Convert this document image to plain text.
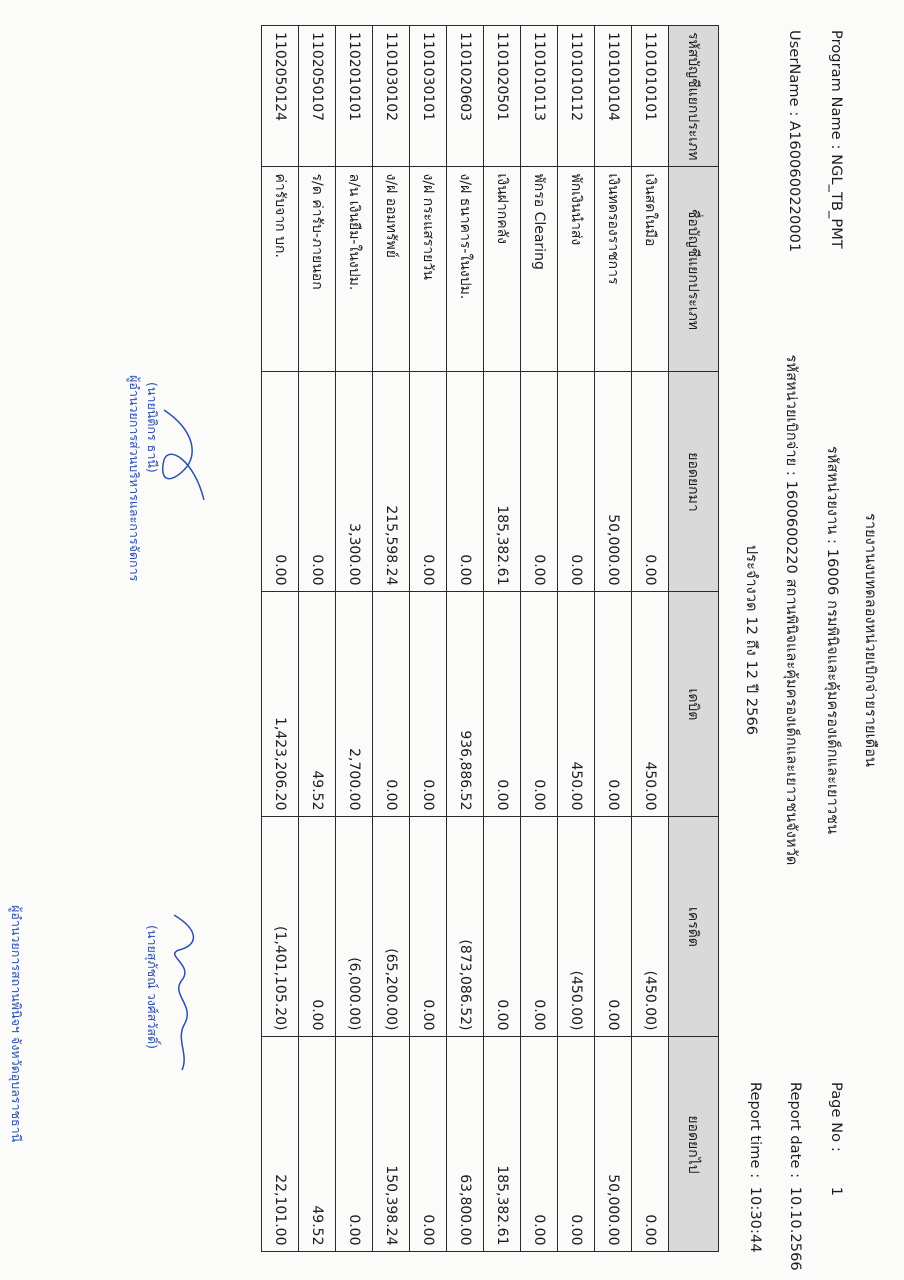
รายงานงบทดลองหน่วยเบิกจ่ายรายเดือน
Program Name : NGL_TB_PMT
UserName : A1600600220001
รหัสหน่วยงาน : 16006 กรมพินิจและคุ้มครองเด็กและเยาวชน
รหัสหน่วยเบิกจ่าย : 1600600220 สถานพินิจและคุ้มครองเด็กและเยาวชนจังหวัด
ประจำงวด 12 ถึง 12 ปี 2566
Page No : 1
Report date : 10.10.2566
Report time : 10:30:44
รหัสบัญชีแยกประเภท	ชื่อบัญชีแยกประเภท	ยอดยกมา	เดบิต	เครดิต	ยอดยกไป
1101010101	เงินสดในมือ	0.00	450.00	(450.00)	0.00
1101010104	เงินทดรองราชการ	50,000.00	0.00	0.00	50,000.00
1101010112	พักเงินนำส่ง	0.00	450.00	(450.00)	0.00
1101010113	พักรอ Clearing	0.00	0.00	0.00	0.00
1101020501	เงินฝากคลัง	185,382.61	0.00	0.00	185,382.61
1101020603	ง/ฝ ธนาคาร-ในงปม.	0.00	936,886.52	(873,086.52)	63,800.00
1101030101	ง/ฝ กระแสรายวัน	0.00	0.00	0.00	0.00
1101030102	ง/ฝ ออมทรัพย์	215,598.24	0.00	(65,200.00)	150,398.24
1102010101	ล/น เงินยืม-ในงปม.	3,300.00	2,700.00	(6,000.00)	0.00
1102050107	ร/ด ค่ารับ-ภายนอก	0.00	49.52	0.00	49.52
1102050124	ค่ารับจาก บก.	0.00	1,423,206.20	(1,401,105.20)	22,101.00
ผู้อำนวยการส่วนบริหารและการจัดการ (นายนิติกร ธานี)
(นายสุภัชณ์ วงศ์สวัสดิ์)
ผู้อำนวยการสถานพินิจฯ จังหวัดอุบลราชธานี
